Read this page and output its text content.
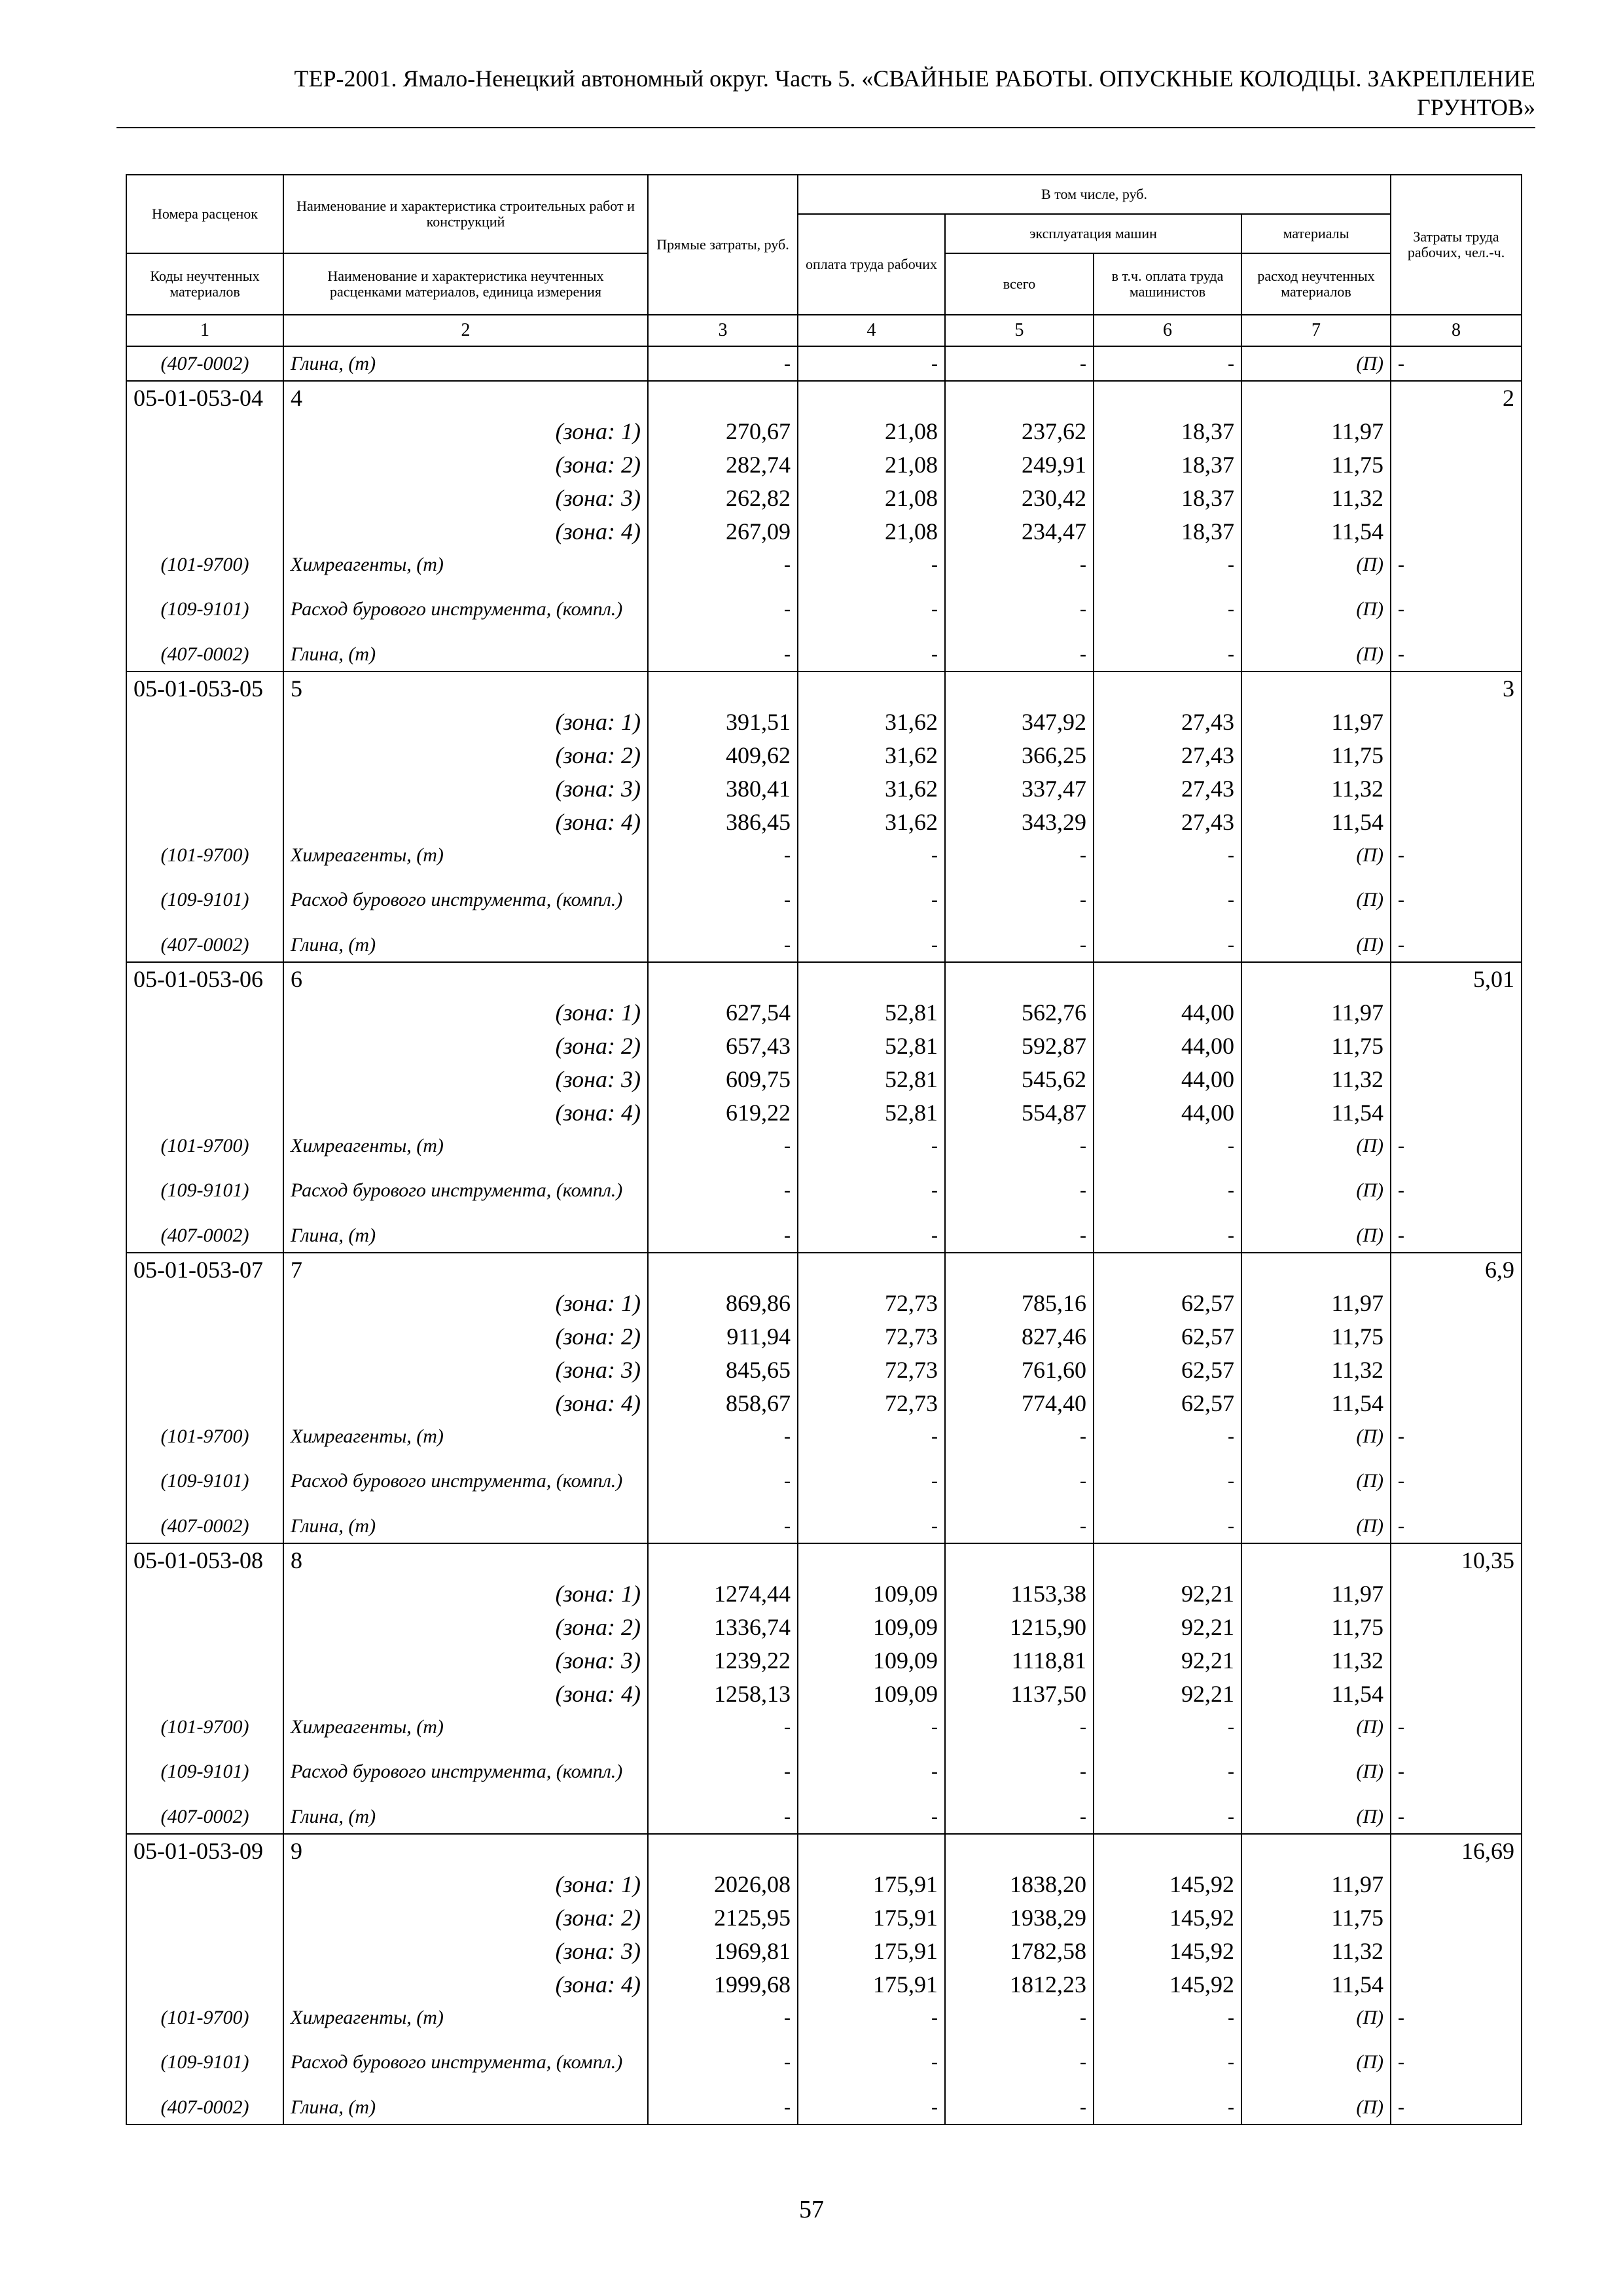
ТЕР-2001. Ямало-Ненецкий автономный округ. Часть 5. «СВАЙНЫЕ РАБОТЫ. ОПУСКНЫЕ КОЛОДЦЫ. ЗАКРЕПЛЕНИЕ
ГРУНТОВ»
Номера расценок	Наименование и характеристика строительных работ и конструкций	Прямые затраты, руб.	В том числе, руб.				Затраты труда рабочих, чел.-ч.
			оплата труда рабочих	эксплуатация машин		материалы	
Коды неучтенных материалов	Наименование и характеристика неучтенных расценками материалов, единица измерения			всего	в т.ч. оплата труда машинистов	расход неучтенных материалов	
1	2	3	4	5	6	7	8
(407-0002)	Глина, (т)	-	-	-	-	(П)	-
05-01-053-04	4						2
	(зона: 1)	270,67	21,08	237,62	18,37	11,97	
	(зона: 2)	282,74	21,08	249,91	18,37	11,75	
	(зона: 3)	262,82	21,08	230,42	18,37	11,32	
	(зона: 4)	267,09	21,08	234,47	18,37	11,54	
(101-9700)	Химреагенты, (т)	-	-	-	-	(П)	-
(109-9101)	Расход бурового инструмента, (компл.)	-	-	-	-	(П)	-
(407-0002)	Глина, (т)	-	-	-	-	(П)	-
05-01-053-05	5						3
	(зона: 1)	391,51	31,62	347,92	27,43	11,97	
	(зона: 2)	409,62	31,62	366,25	27,43	11,75	
	(зона: 3)	380,41	31,62	337,47	27,43	11,32	
	(зона: 4)	386,45	31,62	343,29	27,43	11,54	
(101-9700)	Химреагенты, (т)	-	-	-	-	(П)	-
(109-9101)	Расход бурового инструмента, (компл.)	-	-	-	-	(П)	-
(407-0002)	Глина, (т)	-	-	-	-	(П)	-
05-01-053-06	6						5,01
	(зона: 1)	627,54	52,81	562,76	44,00	11,97	
	(зона: 2)	657,43	52,81	592,87	44,00	11,75	
	(зона: 3)	609,75	52,81	545,62	44,00	11,32	
	(зона: 4)	619,22	52,81	554,87	44,00	11,54	
(101-9700)	Химреагенты, (т)	-	-	-	-	(П)	-
(109-9101)	Расход бурового инструмента, (компл.)	-	-	-	-	(П)	-
(407-0002)	Глина, (т)	-	-	-	-	(П)	-
05-01-053-07	7						6,9
	(зона: 1)	869,86	72,73	785,16	62,57	11,97	
	(зона: 2)	911,94	72,73	827,46	62,57	11,75	
	(зона: 3)	845,65	72,73	761,60	62,57	11,32	
	(зона: 4)	858,67	72,73	774,40	62,57	11,54	
(101-9700)	Химреагенты, (т)	-	-	-	-	(П)	-
(109-9101)	Расход бурового инструмента, (компл.)	-	-	-	-	(П)	-
(407-0002)	Глина, (т)	-	-	-	-	(П)	-
05-01-053-08	8						10,35
	(зона: 1)	1274,44	109,09	1153,38	92,21	11,97	
	(зона: 2)	1336,74	109,09	1215,90	92,21	11,75	
	(зона: 3)	1239,22	109,09	1118,81	92,21	11,32	
	(зона: 4)	1258,13	109,09	1137,50	92,21	11,54	
(101-9700)	Химреагенты, (т)	-	-	-	-	(П)	-
(109-9101)	Расход бурового инструмента, (компл.)	-	-	-	-	(П)	-
(407-0002)	Глина, (т)	-	-	-	-	(П)	-
05-01-053-09	9						16,69
	(зона: 1)	2026,08	175,91	1838,20	145,92	11,97	
	(зона: 2)	2125,95	175,91	1938,29	145,92	11,75	
	(зона: 3)	1969,81	175,91	1782,58	145,92	11,32	
	(зона: 4)	1999,68	175,91	1812,23	145,92	11,54	
(101-9700)	Химреагенты, (т)	-	-	-	-	(П)	-
(109-9101)	Расход бурового инструмента, (компл.)	-	-	-	-	(П)	-
(407-0002)	Глина, (т)	-	-	-	-	(П)	-
57
